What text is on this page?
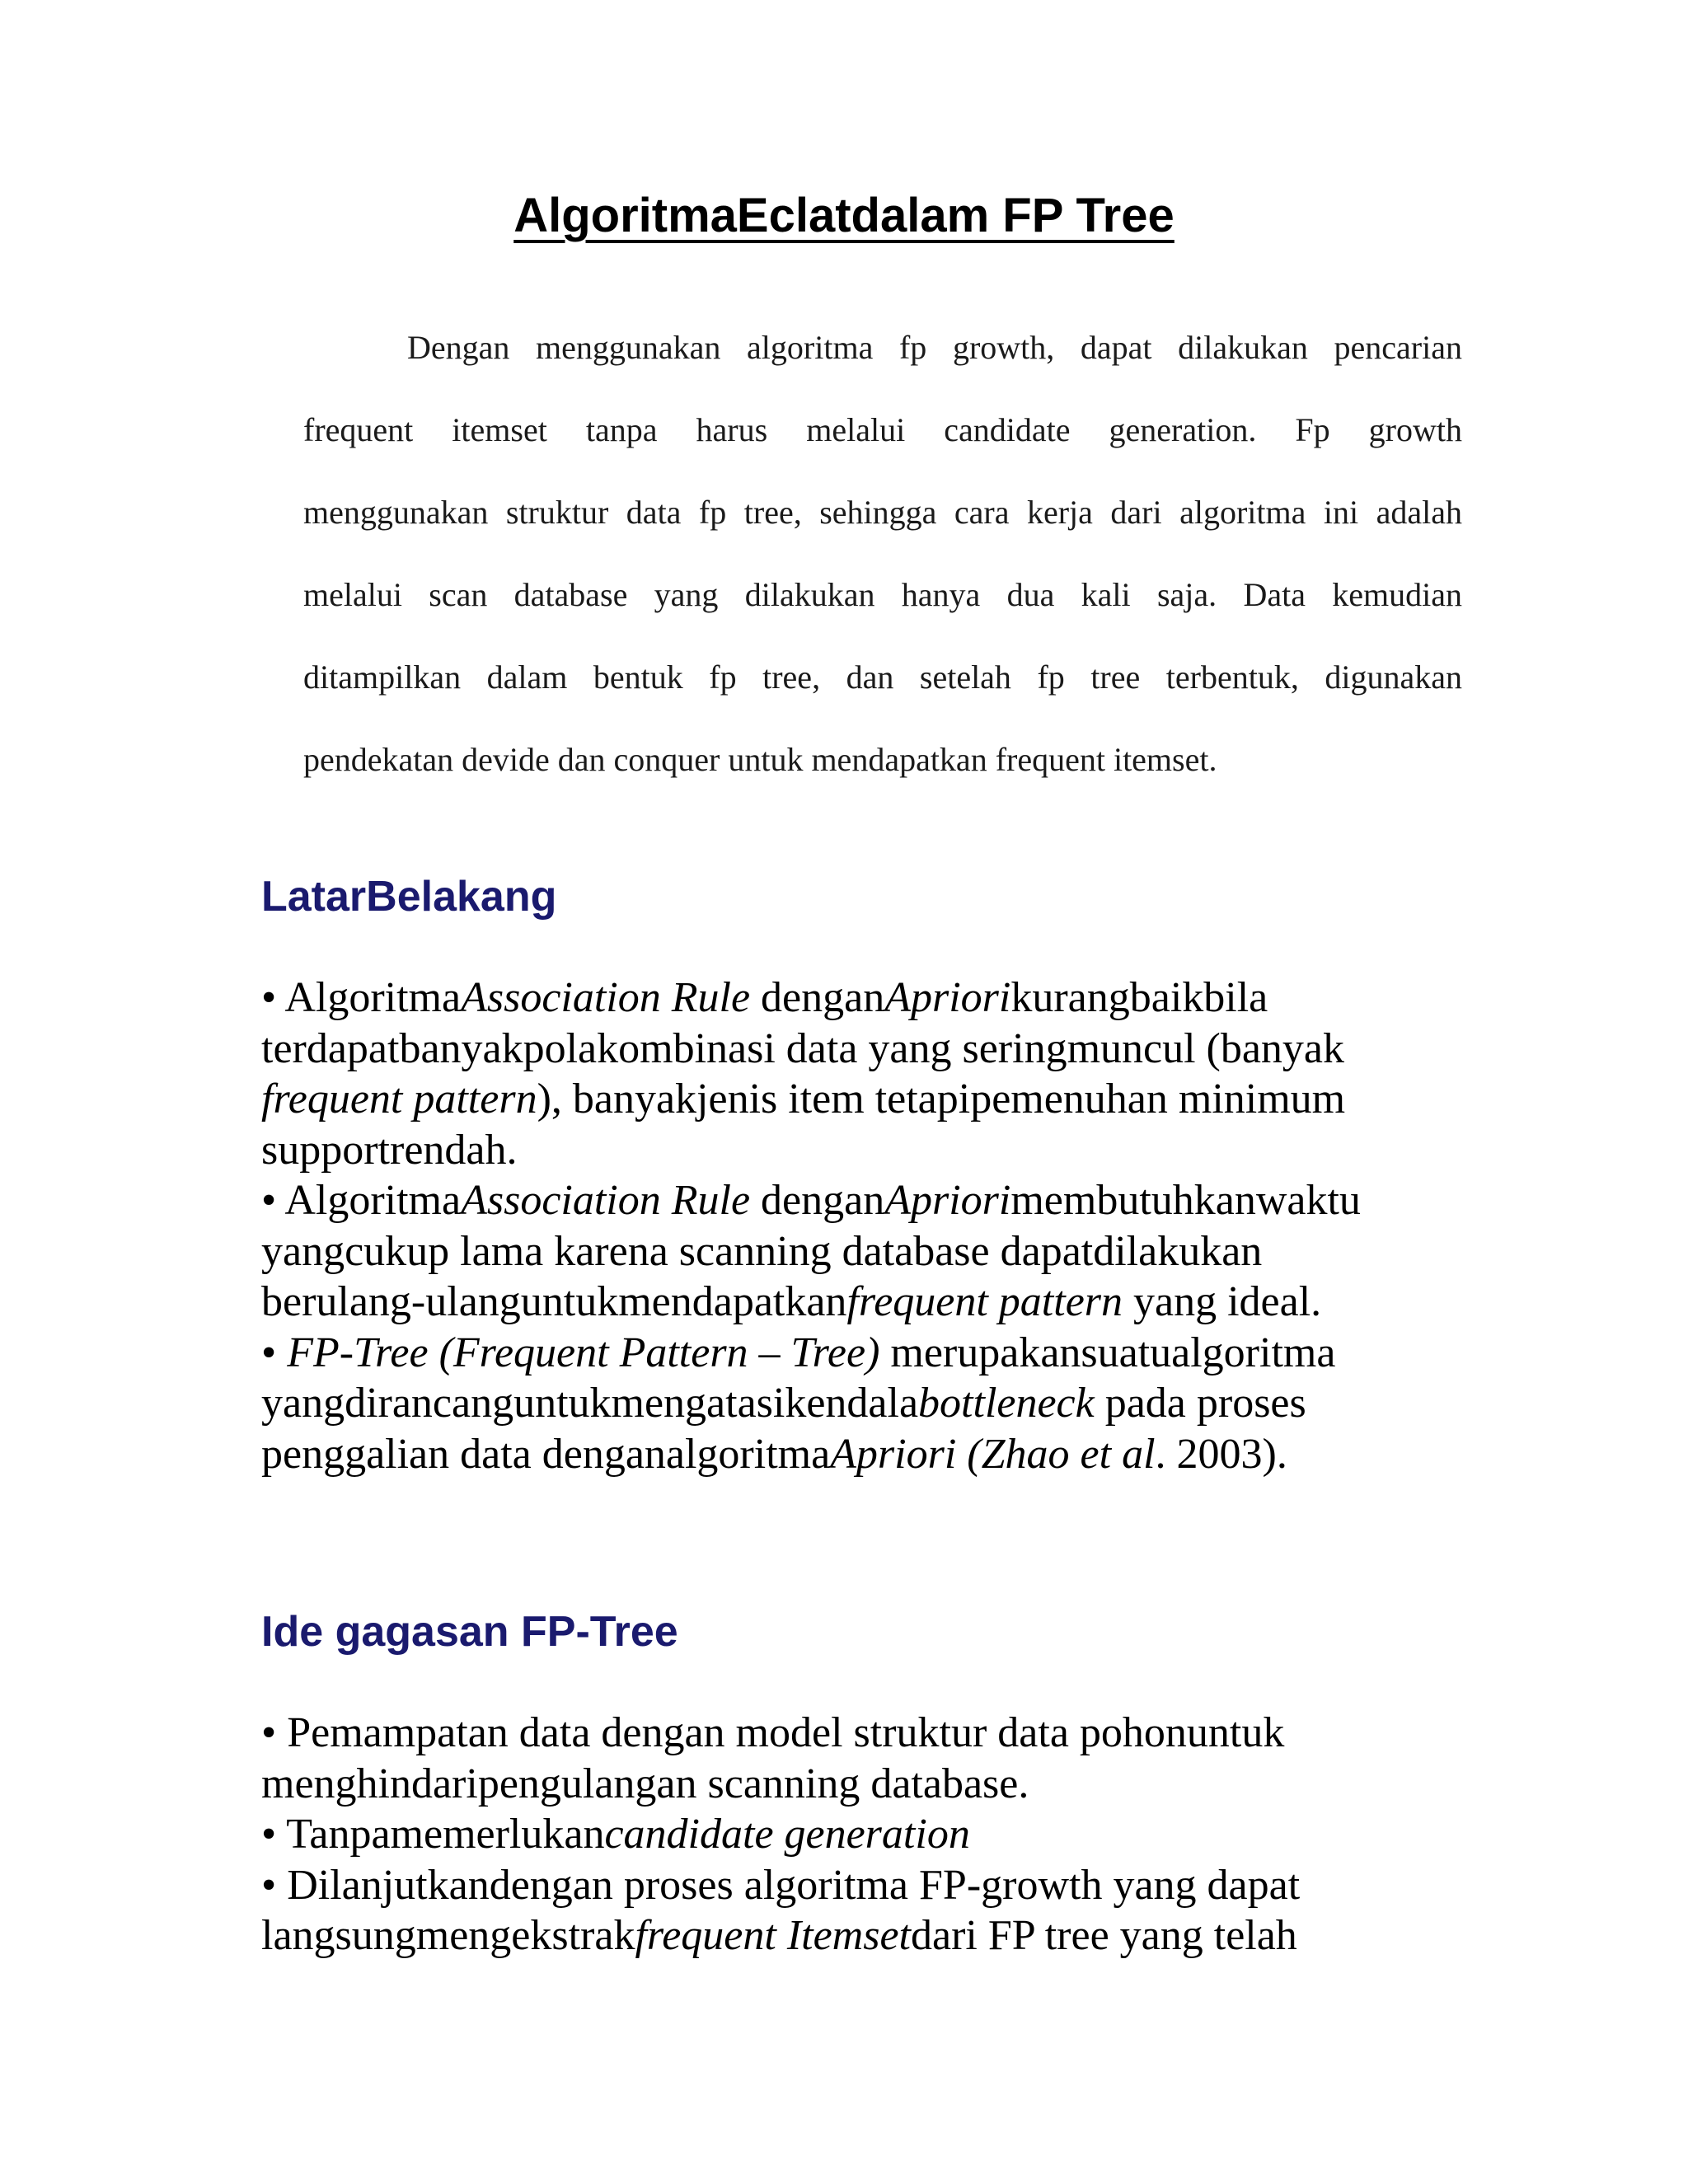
AlgoritmaEclatdalam FP Tree
Dengan menggunakan algoritma fp growth, dapat dilakukan pencarian
frequent itemset tanpa harus melalui candidate generation. Fp growth
menggunakan struktur data fp tree, sehingga cara kerja dari algoritma ini adalah
melalui scan database yang dilakukan hanya dua kali saja. Data kemudian
ditampilkan dalam bentuk fp tree, dan setelah fp tree terbentuk, digunakan
pendekatan devide dan conquer untuk mendapatkan frequent itemset.
LatarBelakang
• AlgoritmaAssociation Rule denganApriorikurangbaikbila
terdapatbanyakpolakombinasi data yang seringmuncul (banyak
frequent pattern), banyakjenis item tetapipemenuhan minimum
supportrendah.
• AlgoritmaAssociation Rule denganApriorimembutuhkanwaktu
yangcukup lama karena scanning database dapatdilakukan
berulang-ulanguntukmendapatkanfrequent pattern yang ideal.
• FP-Tree (Frequent Pattern – Tree) merupakansuatualgoritma
yangdirancanguntukmengatasikendalabottleneck pada proses
penggalian data denganalgoritmaApriori (Zhao et al. 2003).
Ide gagasan FP-Tree
• Pemampatan data dengan model struktur data pohonuntuk
menghindaripengulangan scanning database.
• Tanpamemerlukancandidate generation
• Dilanjutkandengan proses algoritma FP-growth yang dapat
langsungmengekstrakfrequent Itemsetdari FP tree yang telah
